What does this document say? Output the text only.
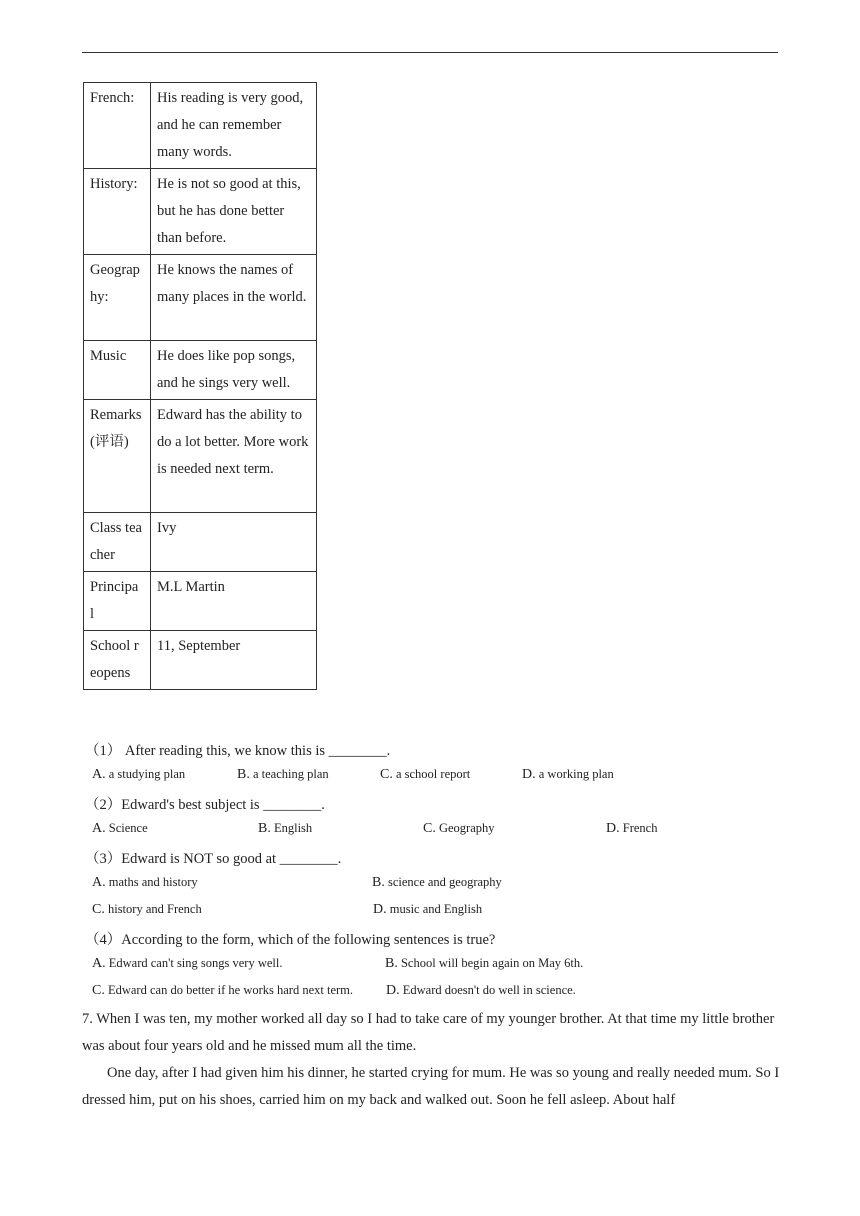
French:	His reading is very good, and he can remember many words.
History:	He is not so good at this, but he has done better than before.
Geograp hy:	He knows the names of many places in the world.
Music	He does like pop songs, and he sings very well.
Remarks (评语)	Edward has the ability to do a lot better. More work is needed next term.
Class teacher	Ivy
Principa l	M.L Martin
School reopens	11, September
（1） After reading this, we know this is ________.
A. a studying plan	B. a teaching plan	C. a school report	D. a working plan
（2）Edward's best subject is ________.
A. Science	B. English	C. Geography	D. French
（3）Edward is NOT so good at ________.
A. maths and history	B. science and geography
C. history and French	D. music and English
（4）According to the form, which of the following sentences is true?
A. Edward can't sing songs very well.	B. School will begin again on May 6th.
C. Edward can do better if he works hard next term. D. Edward doesn't do well in science.
7. When I was ten, my mother worked all day so I had to take care of my younger brother. At that time my little brother was about four years old and he missed mum all the time.
One day, after I had given him his dinner, he started crying for mum. He was so young and really needed mum. So I dressed him, put on his shoes, carried him on my back and walked out. Soon he fell asleep. About half
